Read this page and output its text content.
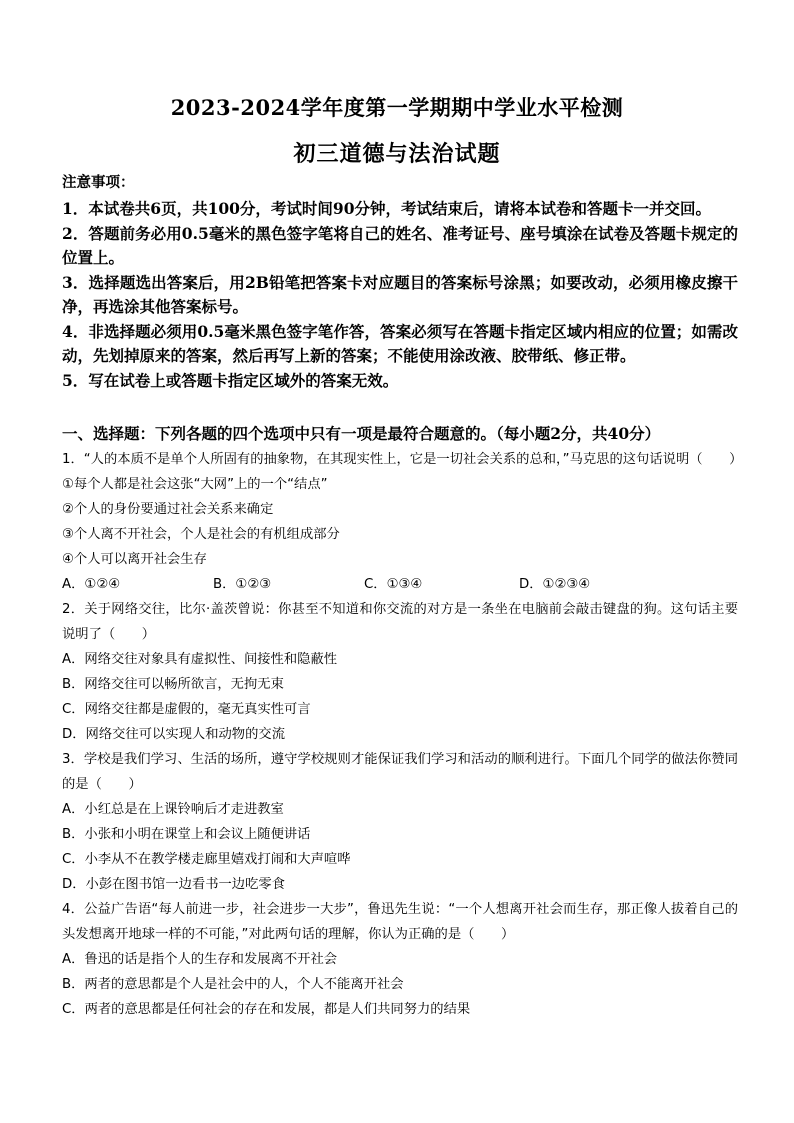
2023-2024学年度第一学期期中学业水平检测
初三道德与法治试题
注意事项：
1．本试卷共6页，共100分，考试时间90分钟，考试结束后，请将本试卷和答题卡一并交回。
2．答题前务必用0.5毫米的黑色签字笔将自己的姓名、准考证号、座号填涂在试卷及答题卡规定的位置上。
3．选择题选出答案后，用2B铅笔把答案卡对应题目的答案标号涂黑；如要改动，必须用橡皮擦干净，再选涂其他答案标号。
4．非选择题必须用0.5毫米黑色签字笔作答，答案必须写在答题卡指定区域内相应的位置；如需改动，先划掉原来的答案，然后再写上新的答案；不能使用涂改液、胶带纸、修正带。
5．写在试卷上或答题卡指定区域外的答案无效。
一、选择题：下列各题的四个选项中只有一项是最符合题意的。（每小题2分，共40分）
1．“人的本质不是单个人所固有的抽象物，在其现实性上，它是一切社会关系的总和，”马克思的这句话说明（　　）
①每个人都是社会这张“大网”上的一个“结点”
②个人的身份要通过社会关系来确定
③个人离不开社会，个人是社会的有机组成部分
④个人可以离开社会生存
A．①②④	B．①②③	C．①③④	D．①②③④
2．关于网络交往，比尔·盖茨曾说：你甚至不知道和你交流的对方是一条坐在电脑前会敲击键盘的狗。这句话主要说明了（　　）
A．网络交往对象具有虚拟性、间接性和隐蔽性
B．网络交往可以畅所欲言，无拘无束
C．网络交往都是虚假的，毫无真实性可言
D．网络交往可以实现人和动物的交流
3．学校是我们学习、生活的场所，遵守学校规则才能保证我们学习和活动的顺利进行。下面几个同学的做法你赞同的是（　　）
A．小红总是在上课铃响后才走进教室
B．小张和小明在课堂上和会议上随便讲话
C．小李从不在教学楼走廊里嬉戏打闹和大声喧哗
D．小彭在图书馆一边看书一边吃零食
4．公益广告语“每人前进一步，社会进步一大步”，鲁迅先生说：“一个人想离开社会而生存，那正像人拔着自己的头发想离开地球一样的不可能，”对此两句话的理解，你认为正确的是（　　）
A．鲁迅的话是指个人的生存和发展离不开社会
B．两者的意思都是个人是社会中的人，个人不能离开社会
C．两者的意思都是任何社会的存在和发展，都是人们共同努力的结果
